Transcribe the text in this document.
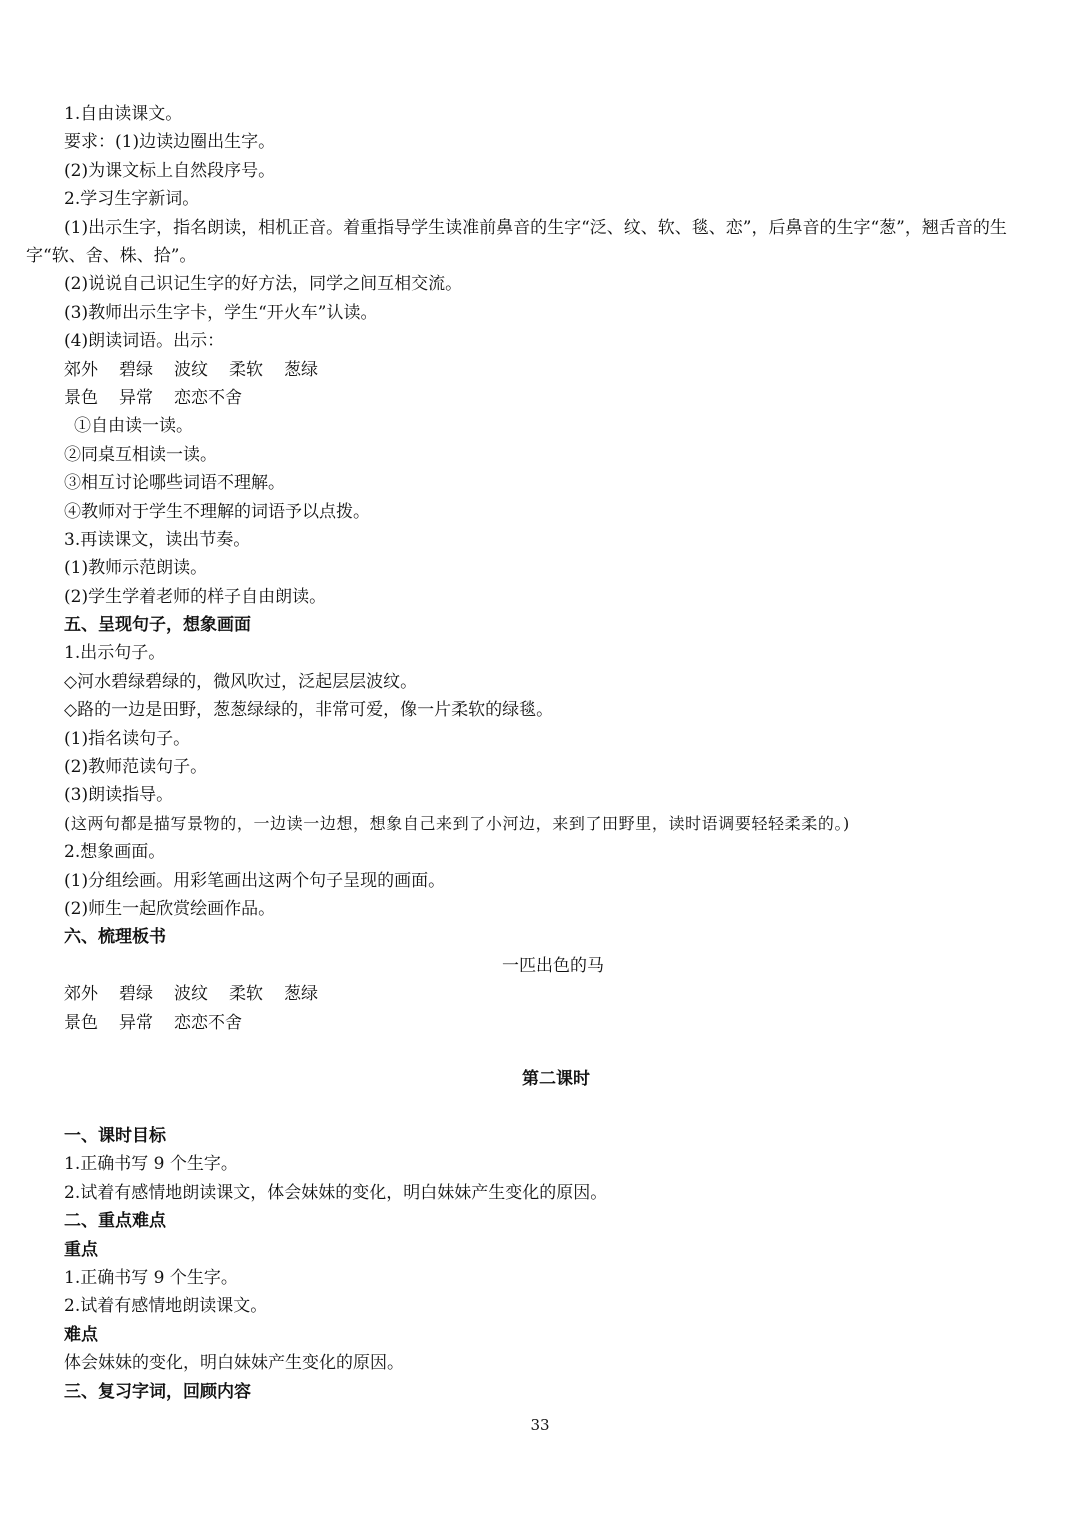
1.自由读课文。
要求：(1)边读边圈出生字。
(2)为课文标上自然段序号。
2.学习生字新词。
(1)出示生字，指名朗读，相机正音。着重指导学生读准前鼻音的生字“泛、纹、软、毯、恋”，后鼻音的生字“葱”，翘舌音的生字“软、舍、株、拾”。
(2)说说自己识记生字的好方法，同学之间互相交流。
(3)教师出示生字卡，学生“开火车”认读。
(4)朗读词语。出示：
郊外 碧绿 波纹 柔软 葱绿
景色 异常 恋恋不舍
①自由读一读。
②同桌互相读一读。
③相互讨论哪些词语不理解。
④教师对于学生不理解的词语予以点拨。
3.再读课文，读出节奏。
(1)教师示范朗读。
(2)学生学着老师的样子自由朗读。
五、呈现句子，想象画面
1.出示句子。
◇河水碧绿碧绿的，微风吹过，泛起层层波纹。
◇路的一边是田野，葱葱绿绿的，非常可爱，像一片柔软的绿毯。
(1)指名读句子。
(2)教师范读句子。
(3)朗读指导。
(这两句都是描写景物的，一边读一边想，想象自己来到了小河边，来到了田野里，读时语调要轻轻柔柔的。)
2.想象画面。
(1)分组绘画。用彩笔画出这两个句子呈现的画面。
(2)师生一起欣赏绘画作品。
六、梳理板书
一匹出色的马
郊外 碧绿 波纹 柔软 葱绿
景色 异常 恋恋不舍
第二课时
一、课时目标
1.正确书写 9 个生字。
2.试着有感情地朗读课文，体会妹妹的变化，明白妹妹产生变化的原因。
二、重点难点
重点
1.正确书写 9 个生字。
2.试着有感情地朗读课文。
难点
体会妹妹的变化，明白妹妹产生变化的原因。
三、复习字词，回顾内容
33
